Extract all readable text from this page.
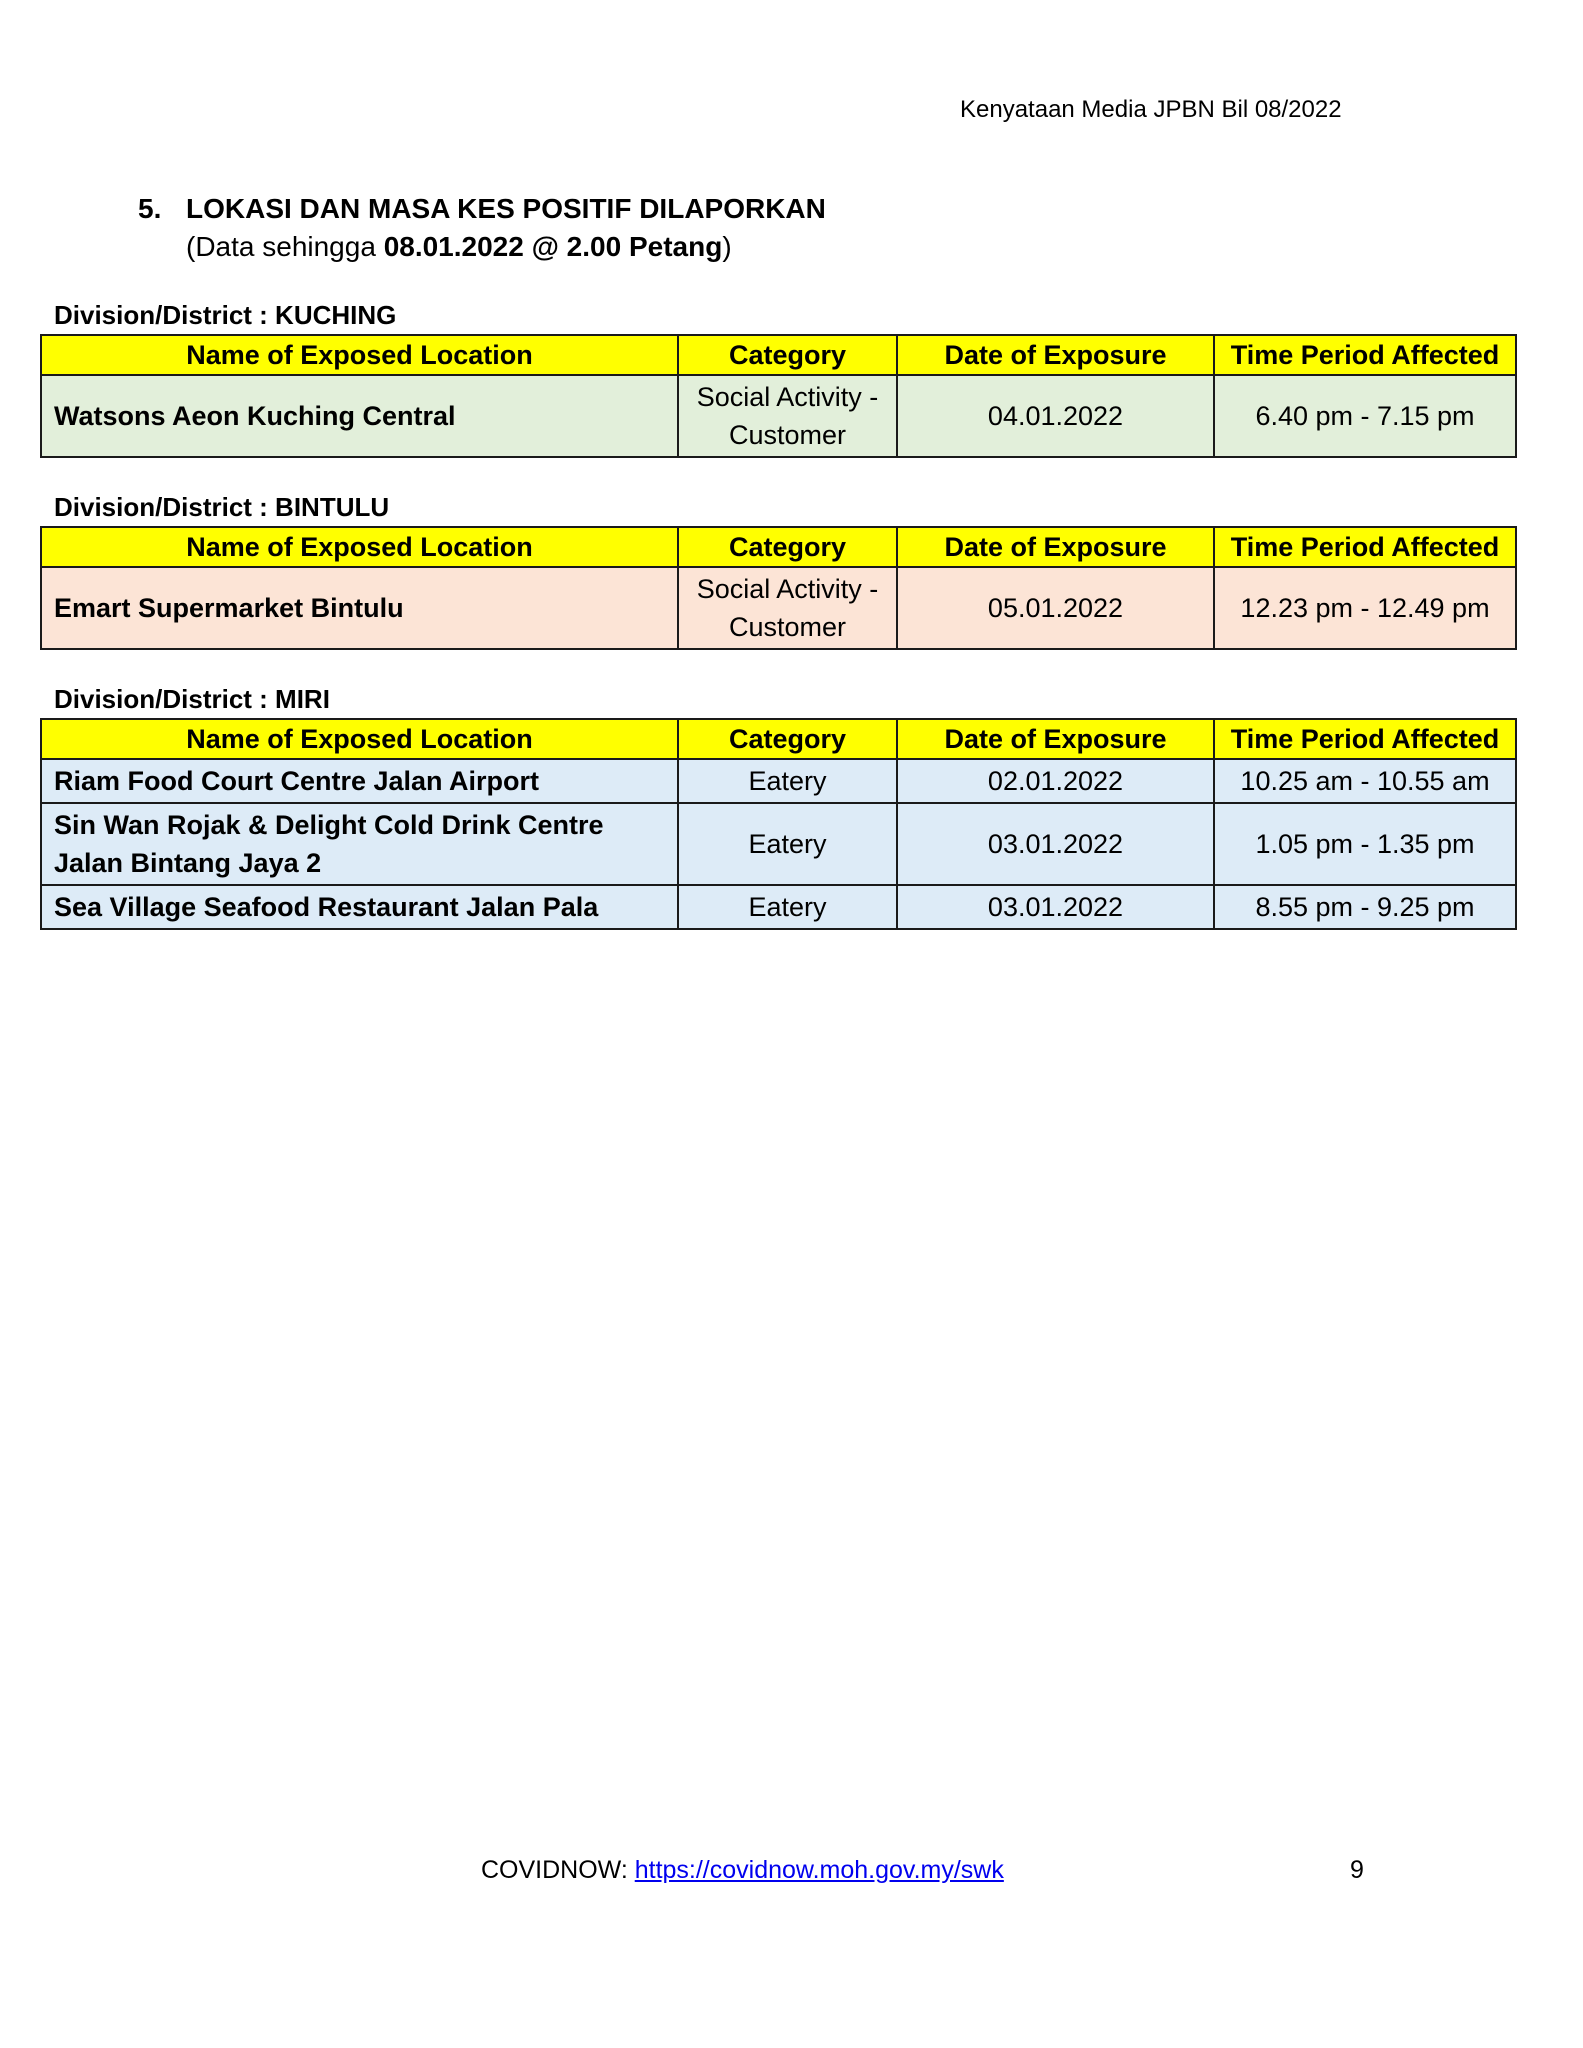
Kenyataan Media JPBN Bil 08/2022
5. LOKASI DAN MASA KES POSITIF DILAPORKAN
(Data sehingga 08.01.2022 @ 2.00 Petang)
Division/District : KUCHING
Name of Exposed Location	Category	Date of Exposure	Time Period Affected
Watsons Aeon Kuching Central	Social Activity - Customer	04.01.2022	6.40 pm - 7.15 pm
Division/District : BINTULU
Name of Exposed Location	Category	Date of Exposure	Time Period Affected
Emart Supermarket Bintulu	Social Activity - Customer	05.01.2022	12.23 pm - 12.49 pm
Division/District : MIRI
Name of Exposed Location	Category	Date of Exposure	Time Period Affected
Riam Food Court Centre Jalan Airport	Eatery	02.01.2022	10.25 am - 10.55 am
Sin Wan Rojak & Delight Cold Drink Centre Jalan Bintang Jaya 2	Eatery	03.01.2022	1.05 pm - 1.35 pm
Sea Village Seafood Restaurant Jalan Pala	Eatery	03.01.2022	8.55 pm - 9.25 pm
COVIDNOW: https://covidnow.moh.gov.my/swk	9
